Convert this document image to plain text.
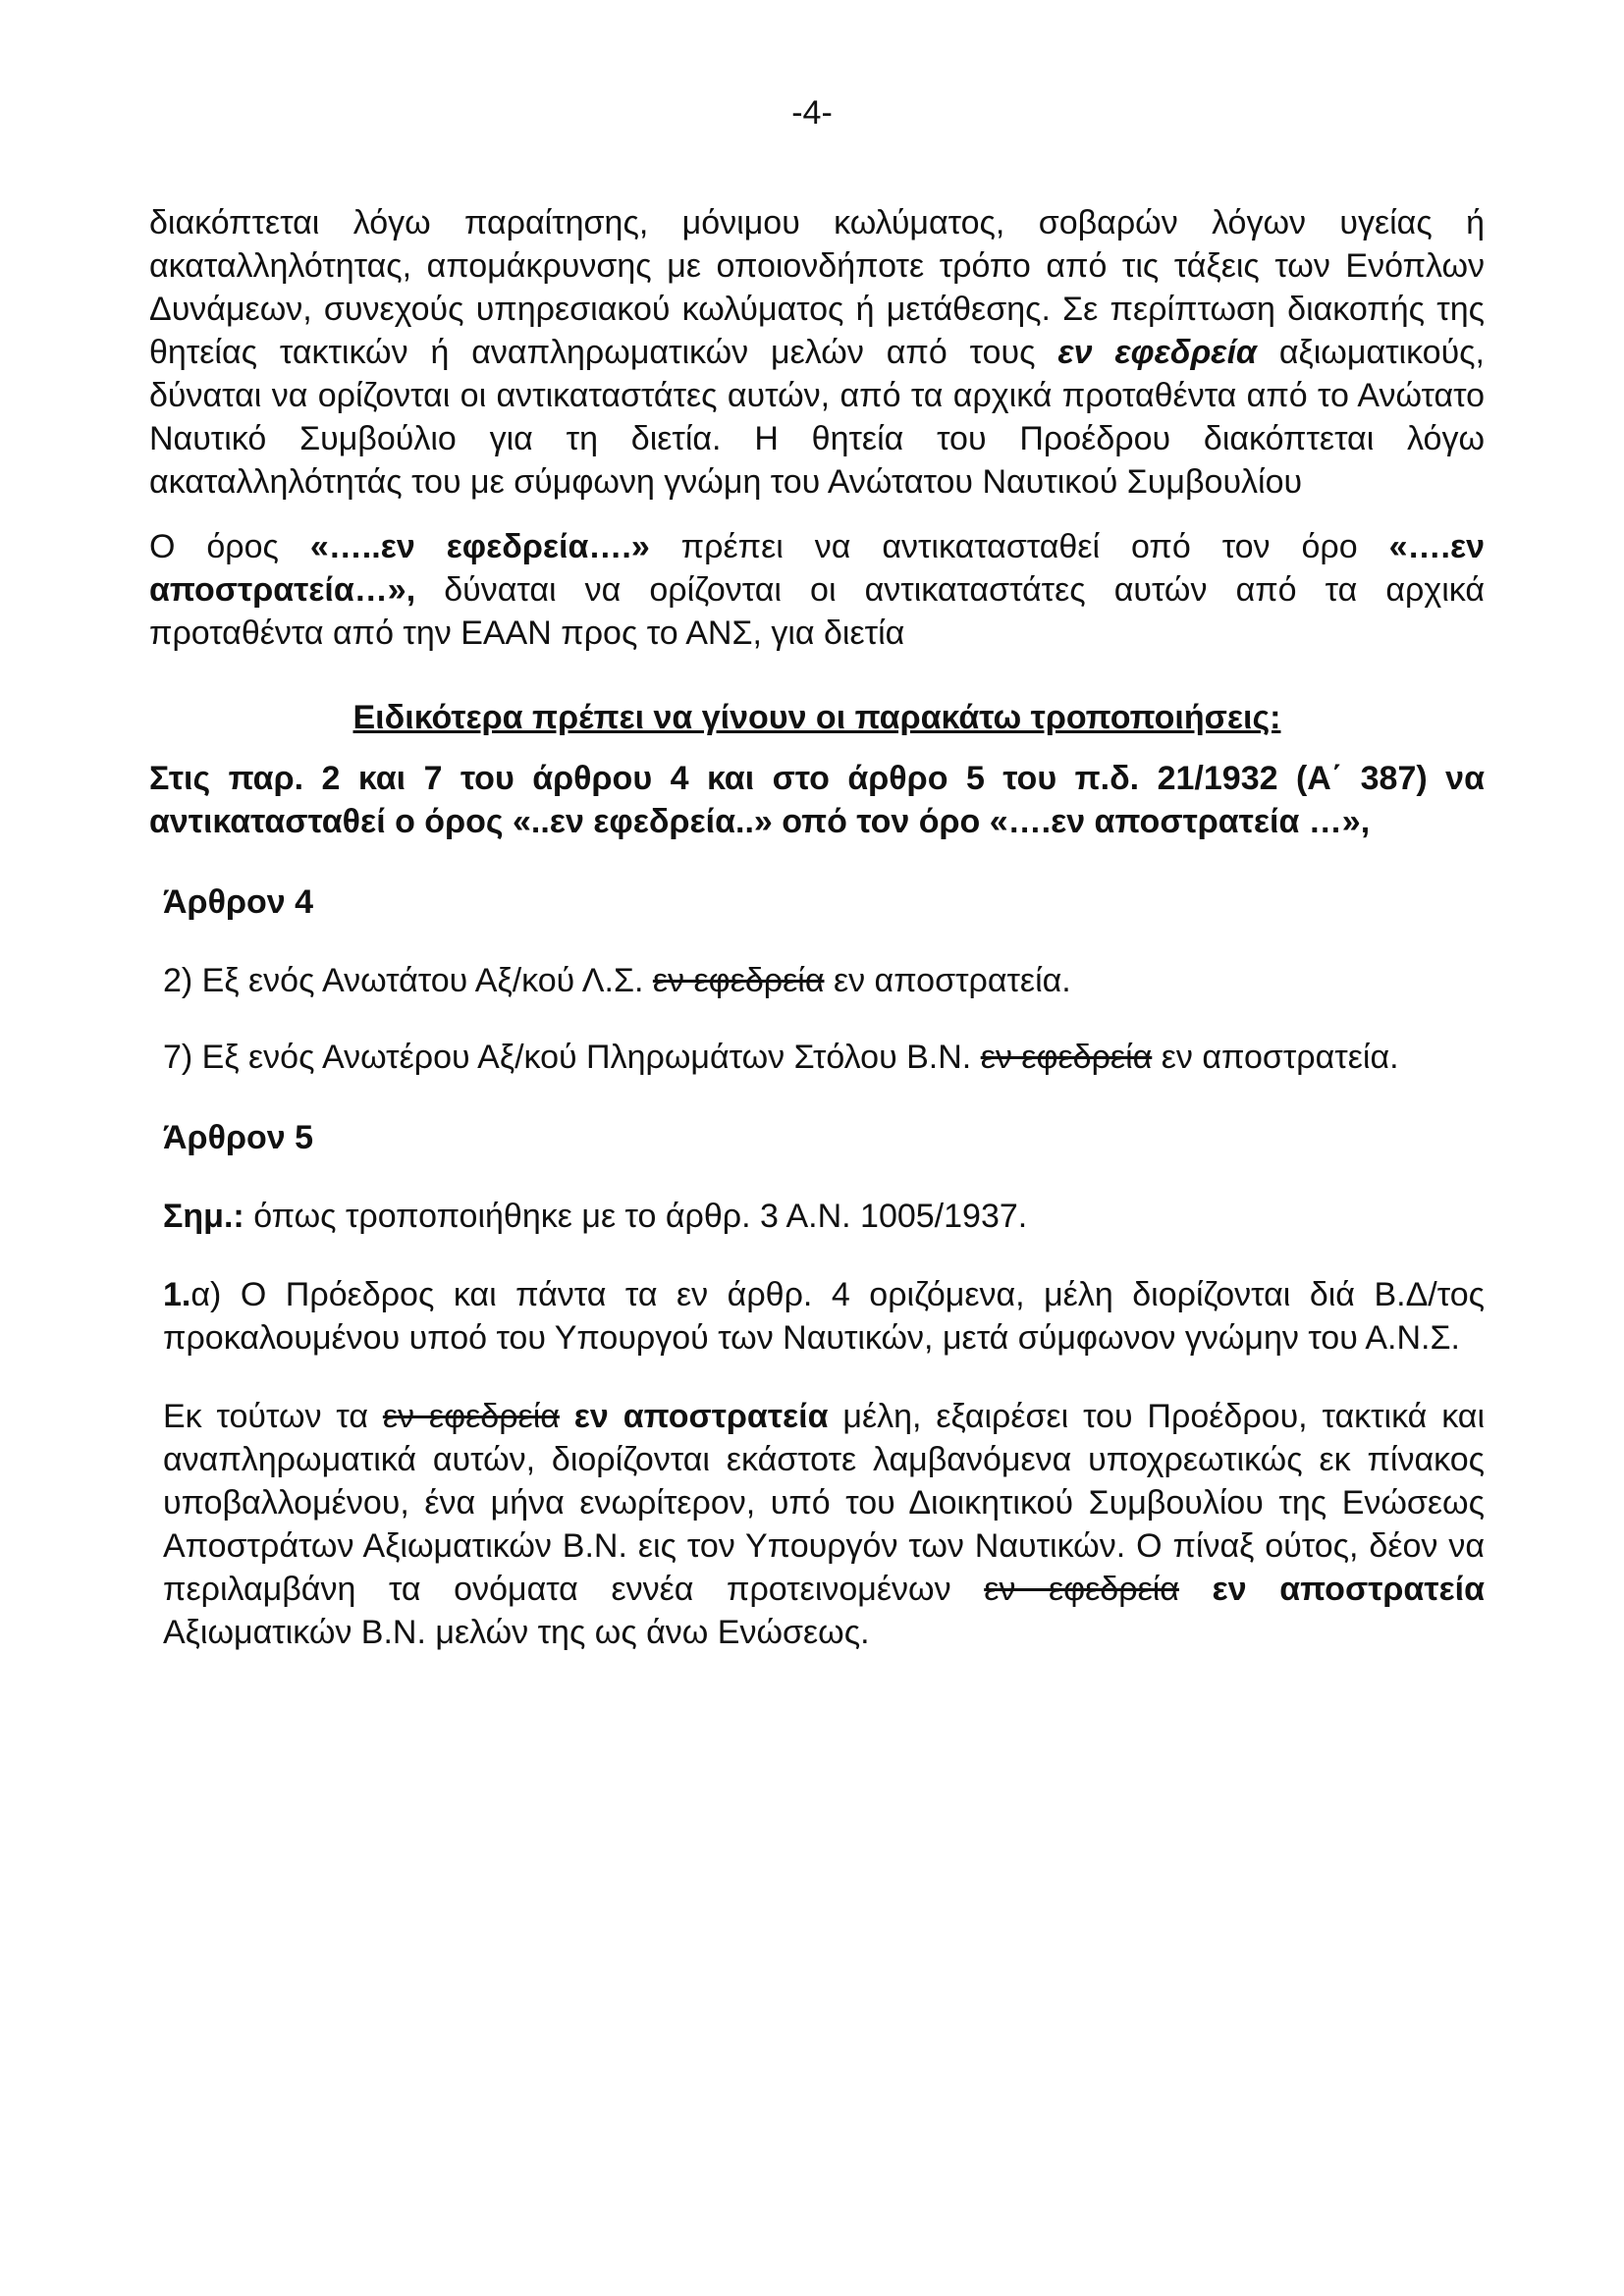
-4-

διακόπτεται λόγω παραίτησης, μόνιμου κωλύματος, σοβαρών λόγων υγείας ή ακαταλληλότητας, απομάκρυνσης με οποιονδήποτε τρόπο από τις τάξεις των Ενόπλων Δυνάμεων, συνεχούς υπηρεσιακού κωλύματος ή μετάθεσης. Σε περίπτωση διακοπής της θητείας τακτικών ή αναπληρωματικών μελών από τους εν εφεδρεία αξιωματικούς, δύναται να ορίζονται οι αντικαταστάτες αυτών, από τα αρχικά προταθέντα από το Ανώτατο Ναυτικό Συμβούλιο για τη διετία. Η θητεία του Προέδρου διακόπτεται λόγω ακαταλληλότητάς του με σύμφωνη γνώμη του Ανώτατου Ναυτικού Συμβουλίου

Ο όρος «…..εν εφεδρεία….» πρέπει να αντικατασταθεί οπό τον όρο «….εν αποστρατεία…», δύναται να ορίζονται οι αντικαταστάτες αυτών από τα αρχικά προταθέντα από την ΕΑΑΝ προς το ΑΝΣ, για διετία

Ειδικότερα πρέπει να γίνουν οι παρακάτω τροποποιήσεις:

Στις παρ. 2 και 7 του άρθρου 4 και στο άρθρο 5 του π.δ. 21/1932 (Α΄ 387) να αντικατασταθεί ο όρος «..εν εφεδρεία..» οπό τον όρο «….εν αποστρατεία …»,

Άρθρον 4

2) Εξ ενός Ανωτάτου Αξ/κού Λ.Σ. εν εφεδρεία εν αποστρατεία.

7) Εξ ενός Ανωτέρου Αξ/κού Πληρωμάτων Στόλου Β.Ν. εν εφεδρεία εν αποστρατεία.

Άρθρον 5

Σημ.: όπως τροποποιήθηκε με το άρθρ. 3 Α.Ν. 1005/1937.

1.α) Ο Πρόεδρος και πάντα τα εν άρθρ. 4 οριζόμενα, μέλη διορίζονται διά Β.Δ/τος προκαλουμένου υποό του Υπουργού των Ναυτικών, μετά σύμφωνον γνώμην του Α.Ν.Σ.

Εκ τούτων τα εν εφεδρεία εν αποστρατεία μέλη, εξαιρέσει του Προέδρου, τακτικά και αναπληρωματικά αυτών, διορίζονται εκάστοτε λαμβανόμενα υποχρεωτικώς εκ πίνακος υποβαλλομένου, ένα μήνα ενωρίτερον, υπό του Διοικητικού Συμβουλίου της Ενώσεως Αποστράτων Αξιωματικών Β.Ν. εις τον Υπουργόν των Ναυτικών. Ο πίναξ ούτος, δέον να περιλαμβάνη τα ονόματα εννέα προτεινομένων εν εφεδρεία εν αποστρατεία Αξιωματικών Β.Ν. μελών της ως άνω Ενώσεως.
